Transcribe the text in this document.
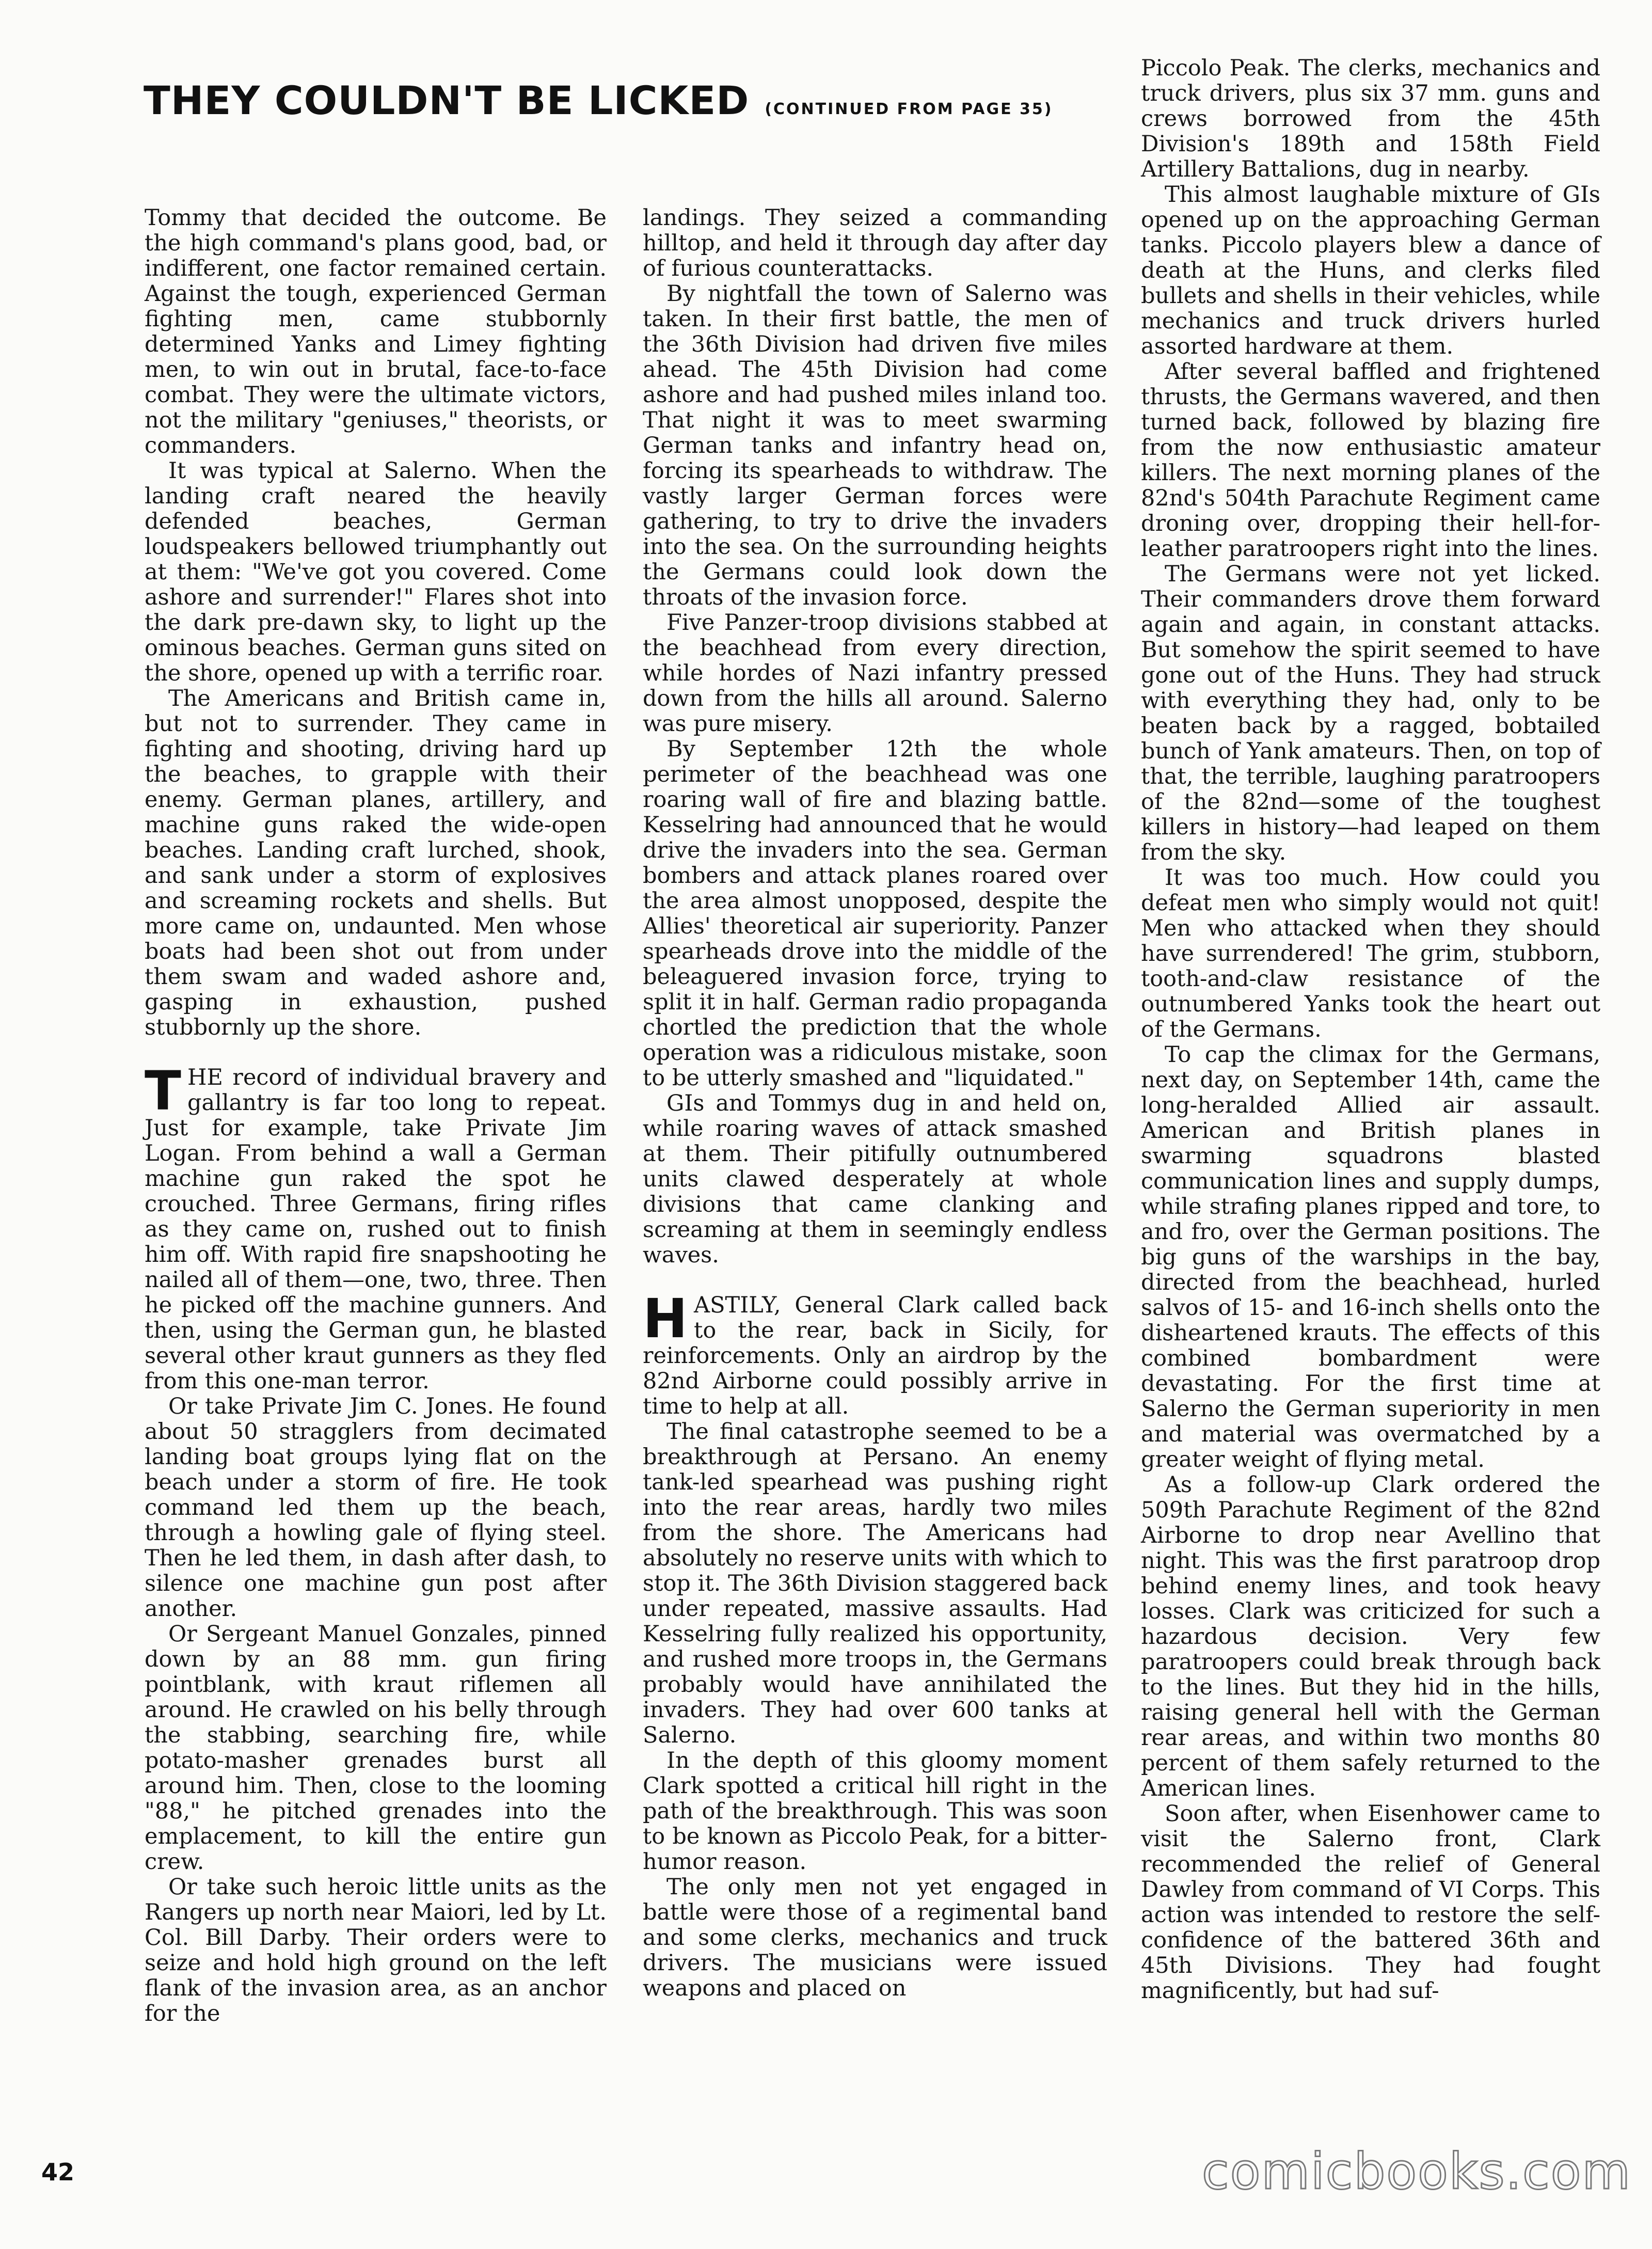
THEY COULDN'T BE LICKED (CONTINUED FROM PAGE 35)

Tommy that decided the outcome. Be the high command's plans good, bad, or indifferent, one factor remained certain. Against the tough, experienced German fighting men, came stubbornly determined Yanks and Limey fighting men, to win out in brutal, face-to-face combat. They were the ultimate victors, not the military "geniuses," theorists, or commanders.

It was typical at Salerno. When the landing craft neared the heavily defended beaches, German loudspeakers bellowed triumphantly out at them: "We've got you covered. Come ashore and surrender!" Flares shot into the dark pre-dawn sky, to light up the ominous beaches. German guns sited on the shore, opened up with a terrific roar.

The Americans and British came in, but not to surrender. They came in fighting and shooting, driving hard up the beaches, to grapple with their enemy. German planes, artillery, and machine guns raked the wide-open beaches. Landing craft lurched, shook, and sank under a storm of explosives and screaming rockets and shells. But more came on, undaunted. Men whose boats had been shot out from under them swam and waded ashore and, gasping in exhaustion, pushed stubbornly up the shore.

THE record of individual bravery and gallantry is far too long to repeat. Just for example, take Private Jim Logan. From behind a wall a German machine gun raked the spot he crouched. Three Germans, firing rifles as they came on, rushed out to finish him off. With rapid fire snapshooting he nailed all of them—one, two, three. Then he picked off the machine gunners. And then, using the German gun, he blasted several other kraut gunners as they fled from this one-man terror.

Or take Private Jim C. Jones. He found about 50 stragglers from decimated landing boat groups lying flat on the beach under a storm of fire. He took command led them up the beach, through a howling gale of flying steel. Then he led them, in dash after dash, to silence one machine gun post after another.

Or Sergeant Manuel Gonzales, pinned down by an 88 mm. gun firing pointblank, with kraut riflemen all around. He crawled on his belly through the stabbing, searching fire, while potato-masher grenades burst all around him. Then, close to the looming "88," he pitched grenades into the emplacement, to kill the entire gun crew.

Or take such heroic little units as the Rangers up north near Maiori, led by Lt. Col. Bill Darby. Their orders were to seize and hold high ground on the left flank of the invasion area, as an anchor for the

landings. They seized a commanding hilltop, and held it through day after day of furious counterattacks.

By nightfall the town of Salerno was taken. In their first battle, the men of the 36th Division had driven five miles ahead. The 45th Division had come ashore and had pushed miles inland too. That night it was to meet swarming German tanks and infantry head on, forcing its spearheads to withdraw. The vastly larger German forces were gathering, to try to drive the invaders into the sea. On the surrounding heights the Germans could look down the throats of the invasion force.

Five Panzer-troop divisions stabbed at the beachhead from every direction, while hordes of Nazi infantry pressed down from the hills all around. Salerno was pure misery.

By September 12th the whole perimeter of the beachhead was one roaring wall of fire and blazing battle. Kesselring had announced that he would drive the invaders into the sea. German bombers and attack planes roared over the area almost unopposed, despite the Allies' theoretical air superiority. Panzer spearheads drove into the middle of the beleaguered invasion force, trying to split it in half. German radio propaganda chortled the prediction that the whole operation was a ridiculous mistake, soon to be utterly smashed and "liquidated."

GIs and Tommys dug in and held on, while roaring waves of attack smashed at them. Their pitifully outnumbered units clawed desperately at whole divisions that came clanking and screaming at them in seemingly endless waves.

HASTILY, General Clark called back to the rear, back in Sicily, for reinforcements. Only an airdrop by the 82nd Airborne could possibly arrive in time to help at all.

The final catastrophe seemed to be a breakthrough at Persano. An enemy tank-led spearhead was pushing right into the rear areas, hardly two miles from the shore. The Americans had absolutely no reserve units with which to stop it. The 36th Division staggered back under repeated, massive assaults. Had Kesselring fully realized his opportunity, and rushed more troops in, the Germans probably would have annihilated the invaders. They had over 600 tanks at Salerno.

In the depth of this gloomy moment Clark spotted a critical hill right in the path of the breakthrough. This was soon to be known as Piccolo Peak, for a bitter-humor reason.

The only men not yet engaged in battle were those of a regimental band and some clerks, mechanics and truck drivers. The musicians were issued weapons and placed on

Piccolo Peak. The clerks, mechanics and truck drivers, plus six 37 mm. guns and crews borrowed from the 45th Division's 189th and 158th Field Artillery Battalions, dug in nearby.

This almost laughable mixture of GIs opened up on the approaching German tanks. Piccolo players blew a dance of death at the Huns, and clerks filed bullets and shells in their vehicles, while mechanics and truck drivers hurled assorted hardware at them.

After several baffled and frightened thrusts, the Germans wavered, and then turned back, followed by blazing fire from the now enthusiastic amateur killers. The next morning planes of the 82nd's 504th Parachute Regiment came droning over, dropping their hell-for-leather paratroopers right into the lines.

The Germans were not yet licked. Their commanders drove them forward again and again, in constant attacks. But somehow the spirit seemed to have gone out of the Huns. They had struck with everything they had, only to be beaten back by a ragged, bobtailed bunch of Yank amateurs. Then, on top of that, the terrible, laughing paratroopers of the 82nd—some of the toughest killers in history—had leaped on them from the sky.

It was too much. How could you defeat men who simply would not quit! Men who attacked when they should have surrendered! The grim, stubborn, tooth-and-claw resistance of the outnumbered Yanks took the heart out of the Germans.

To cap the climax for the Germans, next day, on September 14th, came the long-heralded Allied air assault. American and British planes in swarming squadrons blasted communication lines and supply dumps, while strafing planes ripped and tore, to and fro, over the German positions. The big guns of the warships in the bay, directed from the beachhead, hurled salvos of 15- and 16-inch shells onto the disheartened krauts. The effects of this combined bombardment were devastating. For the first time at Salerno the German superiority in men and material was overmatched by a greater weight of flying metal.

As a follow-up Clark ordered the 509th Parachute Regiment of the 82nd Airborne to drop near Avellino that night. This was the first paratroop drop behind enemy lines, and took heavy losses. Clark was criticized for such a hazardous decision. Very few paratroopers could break through back to the lines. But they hid in the hills, raising general hell with the German rear areas, and within two months 80 percent of them safely returned to the American lines.

Soon after, when Eisenhower came to visit the Salerno front, Clark recommended the relief of General Dawley from command of VI Corps. This action was intended to restore the self-confidence of the battered 36th and 45th Divisions. They had fought magnificently, but had suf-

42	comicbooks.com
